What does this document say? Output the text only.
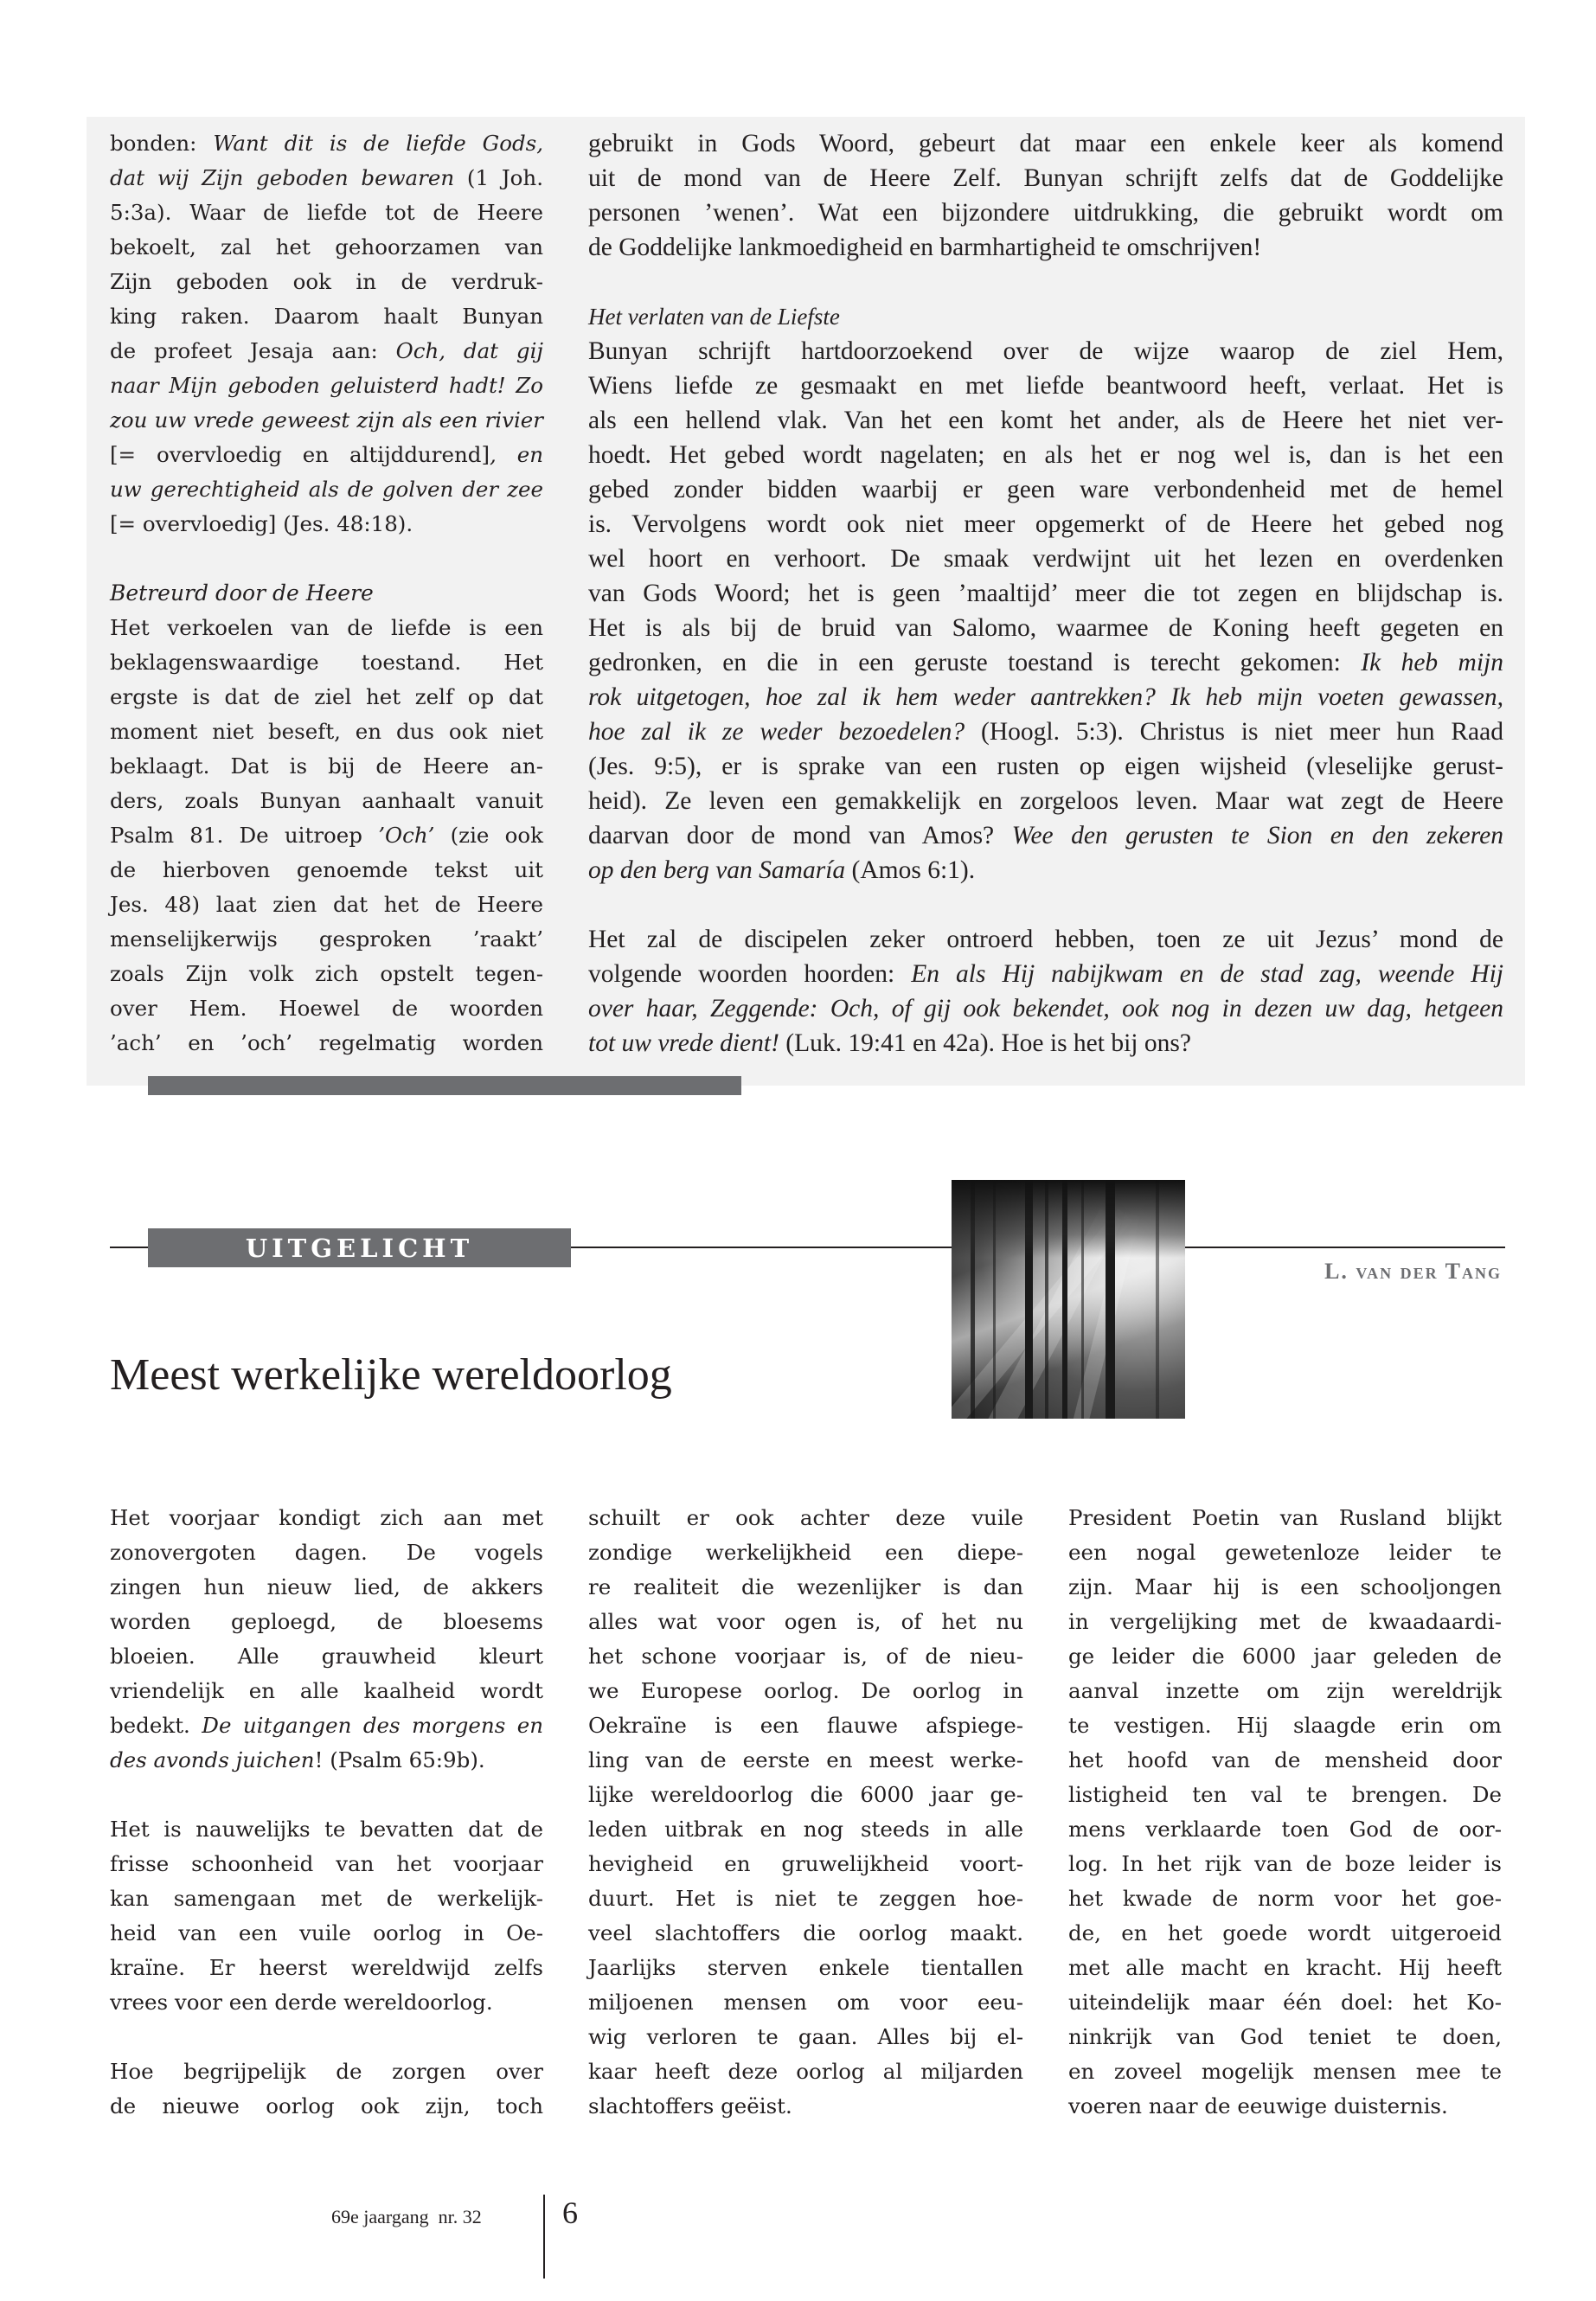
gebruikt in Gods Woord, gebeurt dat maar een enkele keer als komend
uit de mond van de Heere Zelf. Bunyan schrijft zelfs dat de Goddelijke
personen ’wenen’. Wat een bijzondere uitdrukking, die gebruikt wordt om
de Goddelijke lankmoedigheid en barmhartigheid te omschrijven!
Het verlaten van de Liefste
Bunyan schrijft hartdoorzoekend over de wijze waarop de ziel Hem,
Wiens liefde ze gesmaakt en met liefde beantwoord heeft, verlaat. Het is
als een hellend vlak. Van het een komt het ander, als de Heere het niet ver-
hoedt. Het gebed wordt nagelaten; en als het er nog wel is, dan is het een
gebed zonder bidden waarbij er geen ware verbondenheid met de hemel
is. Vervolgens wordt ook niet meer opgemerkt of de Heere het gebed nog
wel hoort en verhoort. De smaak verdwijnt uit het lezen en overdenken
van Gods Woord; het is geen ’maaltijd’ meer die tot zegen en blijdschap is.
Het is als bij de bruid van Salomo, waarmee de Koning heeft gegeten en
gedronken, en die in een geruste toestand is terecht gekomen: Ik heb mijn
rok uitgetogen, hoe zal ik hem weder aantrekken? Ik heb mijn voeten gewassen,
hoe zal ik ze weder bezoedelen? (Hoogl. 5:3). Christus is niet meer hun Raad
(Jes. 9:5), er is sprake van een rusten op eigen wijsheid (vleselijke gerust-
heid). Ze leven een gemakkelijk en zorgeloos leven. Maar wat zegt de Heere
daarvan door de mond van Amos? Wee den gerusten te Sion en den zekeren
op den berg van Samaría (Amos 6:1).
Het zal de discipelen zeker ontroerd hebben, toen ze uit Jezus’ mond de
volgende woorden hoorden: En als Hij nabijkwam en de stad zag, weende Hij
over haar, Zeggende: Och, of gij ook bekendet, ook nog in dezen uw dag, hetgeen
tot uw vrede dient! (Luk. 19:41 en 42a). Hoe is het bij ons?
bonden: Want dit is de liefde Gods,
dat wij Zijn geboden bewaren (1 Joh.
5:3a). Waar de liefde tot de Heere
bekoelt, zal het gehoorzamen van
Zijn geboden ook in de verdruk-
king raken. Daarom haalt Bunyan
de profeet Jesaja aan: Och, dat gij
naar Mijn geboden geluisterd hadt! Zo
zou uw vrede geweest zijn als een rivier
[= overvloedig en altijddurend], en
uw gerechtigheid als de golven der zee
[= overvloedig] (Jes. 48:18).
Betreurd door de Heere
Het verkoelen van de liefde is een
beklagenswaardige toestand. Het
ergste is dat de ziel het zelf op dat
moment niet beseft, en dus ook niet
beklaagt. Dat is bij de Heere an-
ders, zoals Bunyan aanhaalt vanuit
Psalm 81. De uitroep ’Och’ (zie ook
de hierboven genoemde tekst uit
Jes. 48) laat zien dat het de Heere
menselijkerwijs gesproken ’raakt’
zoals Zijn volk zich opstelt tegen-
over Hem. Hoewel de woorden
’ach’ en ’och’ regelmatig worden
UITGELICHT
L. van der Tang
Meest werkelijke wereldoorlog
Het voorjaar kondigt zich aan met
zonovergoten dagen. De vogels
zingen hun nieuw lied, de akkers
worden geploegd, de bloesems
bloeien. Alle grauwheid kleurt
vriendelijk en alle kaalheid wordt
bedekt. De uitgangen des morgens en
des avonds juichen! (Psalm 65:9b).
Het is nauwelijks te bevatten dat de
frisse schoonheid van het voorjaar
kan samengaan met de werkelijk-
heid van een vuile oorlog in Oe-
kraïne. Er heerst wereldwijd zelfs
vrees voor een derde wereldoorlog.
Hoe begrijpelijk de zorgen over
de nieuwe oorlog ook zijn, toch
schuilt er ook achter deze vuile
zondige werkelijkheid een diepe-
re realiteit die wezenlijker is dan
alles wat voor ogen is, of het nu
het schone voorjaar is, of de nieu-
we Europese oorlog. De oorlog in
Oekraïne is een flauwe afspiege-
ling van de eerste en meest werke-
lijke wereldoorlog die 6000 jaar ge-
leden uitbrak en nog steeds in alle
hevigheid en gruwelijkheid voort-
duurt. Het is niet te zeggen hoe-
veel slachtoffers die oorlog maakt.
Jaarlijks sterven enkele tientallen
miljoenen mensen om voor eeu-
wig verloren te gaan. Alles bij el-
kaar heeft deze oorlog al miljarden
slachtoffers geëist.
President Poetin van Rusland blijkt
een nogal gewetenloze leider te
zijn. Maar hij is een schooljongen
in vergelijking met de kwaadaardi-
ge leider die 6000 jaar geleden de
aanval inzette om zijn wereldrijk
te vestigen. Hij slaagde erin om
het hoofd van de mensheid door
listigheid ten val te brengen. De
mens verklaarde toen God de oor-
log. In het rijk van de boze leider is
het kwade de norm voor het goe-
de, en het goede wordt uitgeroeid
met alle macht en kracht. Hij heeft
uiteindelijk maar één doel: het Ko-
ninkrijk van God teniet te doen,
en zoveel mogelijk mensen mee te
voeren naar de eeuwige duisternis.
69e jaargang  nr. 32	6
